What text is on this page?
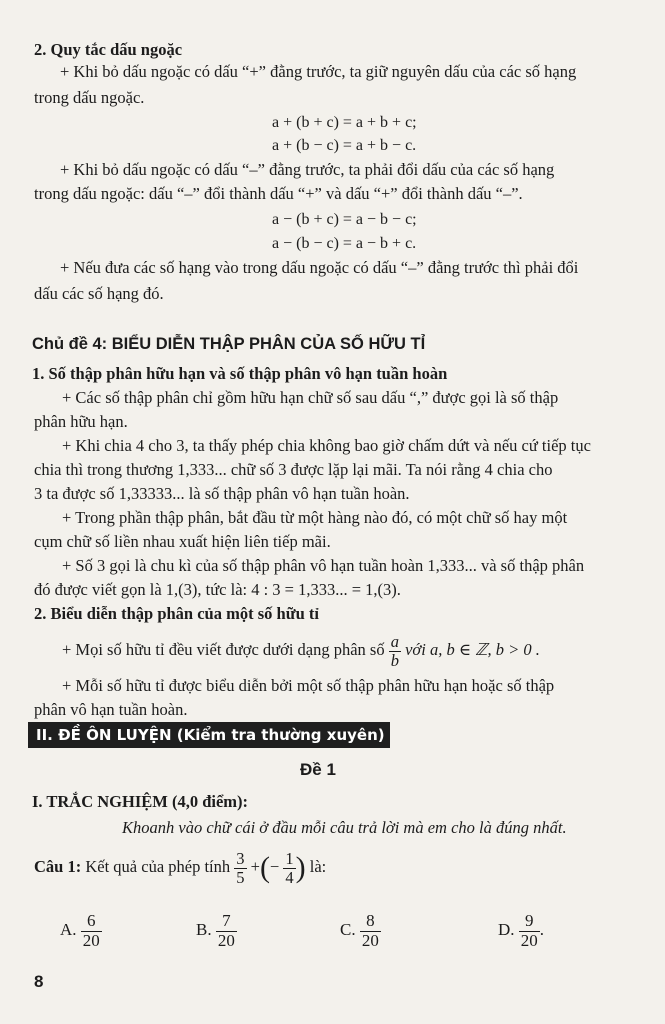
2. Quy tắc dấu ngoặc
+ Khi bỏ dấu ngoặc có dấu “+” đằng trước, ta giữ nguyên dấu của các số hạng
trong dấu ngoặc.
a + (b + c) = a + b + c;
a + (b − c) = a + b − c.
+ Khi bỏ dấu ngoặc có dấu “–” đằng trước, ta phải đổi dấu của các số hạng
trong dấu ngoặc: dấu “–” đổi thành dấu “+” và dấu “+” đổi thành dấu “–”.
a − (b + c) = a − b − c;
a − (b − c) = a − b + c.
+ Nếu đưa các số hạng vào trong dấu ngoặc có dấu “–” đằng trước thì phải đổi
dấu các số hạng đó.
Chủ đề 4: BIỂU DIỄN THẬP PHÂN CỦA SỐ HỮU TỈ
1. Số thập phân hữu hạn và số thập phân vô hạn tuần hoàn
+ Các số thập phân chỉ gồm hữu hạn chữ số sau dấu “,” được gọi là số thập
phân hữu hạn.
+ Khi chia 4 cho 3, ta thấy phép chia không bao giờ chấm dứt và nếu cứ tiếp tục
chia thì trong thương 1,333... chữ số 3 được lặp lại mãi. Ta nói rằng 4 chia cho
3 ta được số 1,33333... là số thập phân vô hạn tuần hoàn.
+ Trong phần thập phân, bắt đầu từ một hàng nào đó, có một chữ số hay một
cụm chữ số liền nhau xuất hiện liên tiếp mãi.
+ Số 3 gọi là chu kì của số thập phân vô hạn tuần hoàn 1,333... và số thập phân
đó được viết gọn là 1,(3), tức là: 4 : 3 = 1,333... = 1,(3).
2. Biểu diễn thập phân của một số hữu tỉ
+ Mọi số hữu tỉ đều viết được dưới dạng phân số $\frac{a}{b}$ với a, b ∈ ℤ, b > 0 .
+ Mỗi số hữu tỉ được biểu diễn bởi một số thập phân hữu hạn hoặc số thập
phân vô hạn tuần hoàn.
II. ĐỀ ÔN LUYỆN (Kiểm tra thường xuyên)
Đề 1
I. TRẮC NGHIỆM (4,0 điểm):
Khoanh vào chữ cái ở đầu mỗi câu trả lời mà em cho là đúng nhất.
Câu 1: Kết quả của phép tính $\frac{3}{5}$ +(− $\frac{1}{4}$ ) là:
A. $\frac{6}{20}$	B. $\frac{7}{20}$	C. $\frac{8}{20}$	D. $\frac{9}{20}$ .
8
